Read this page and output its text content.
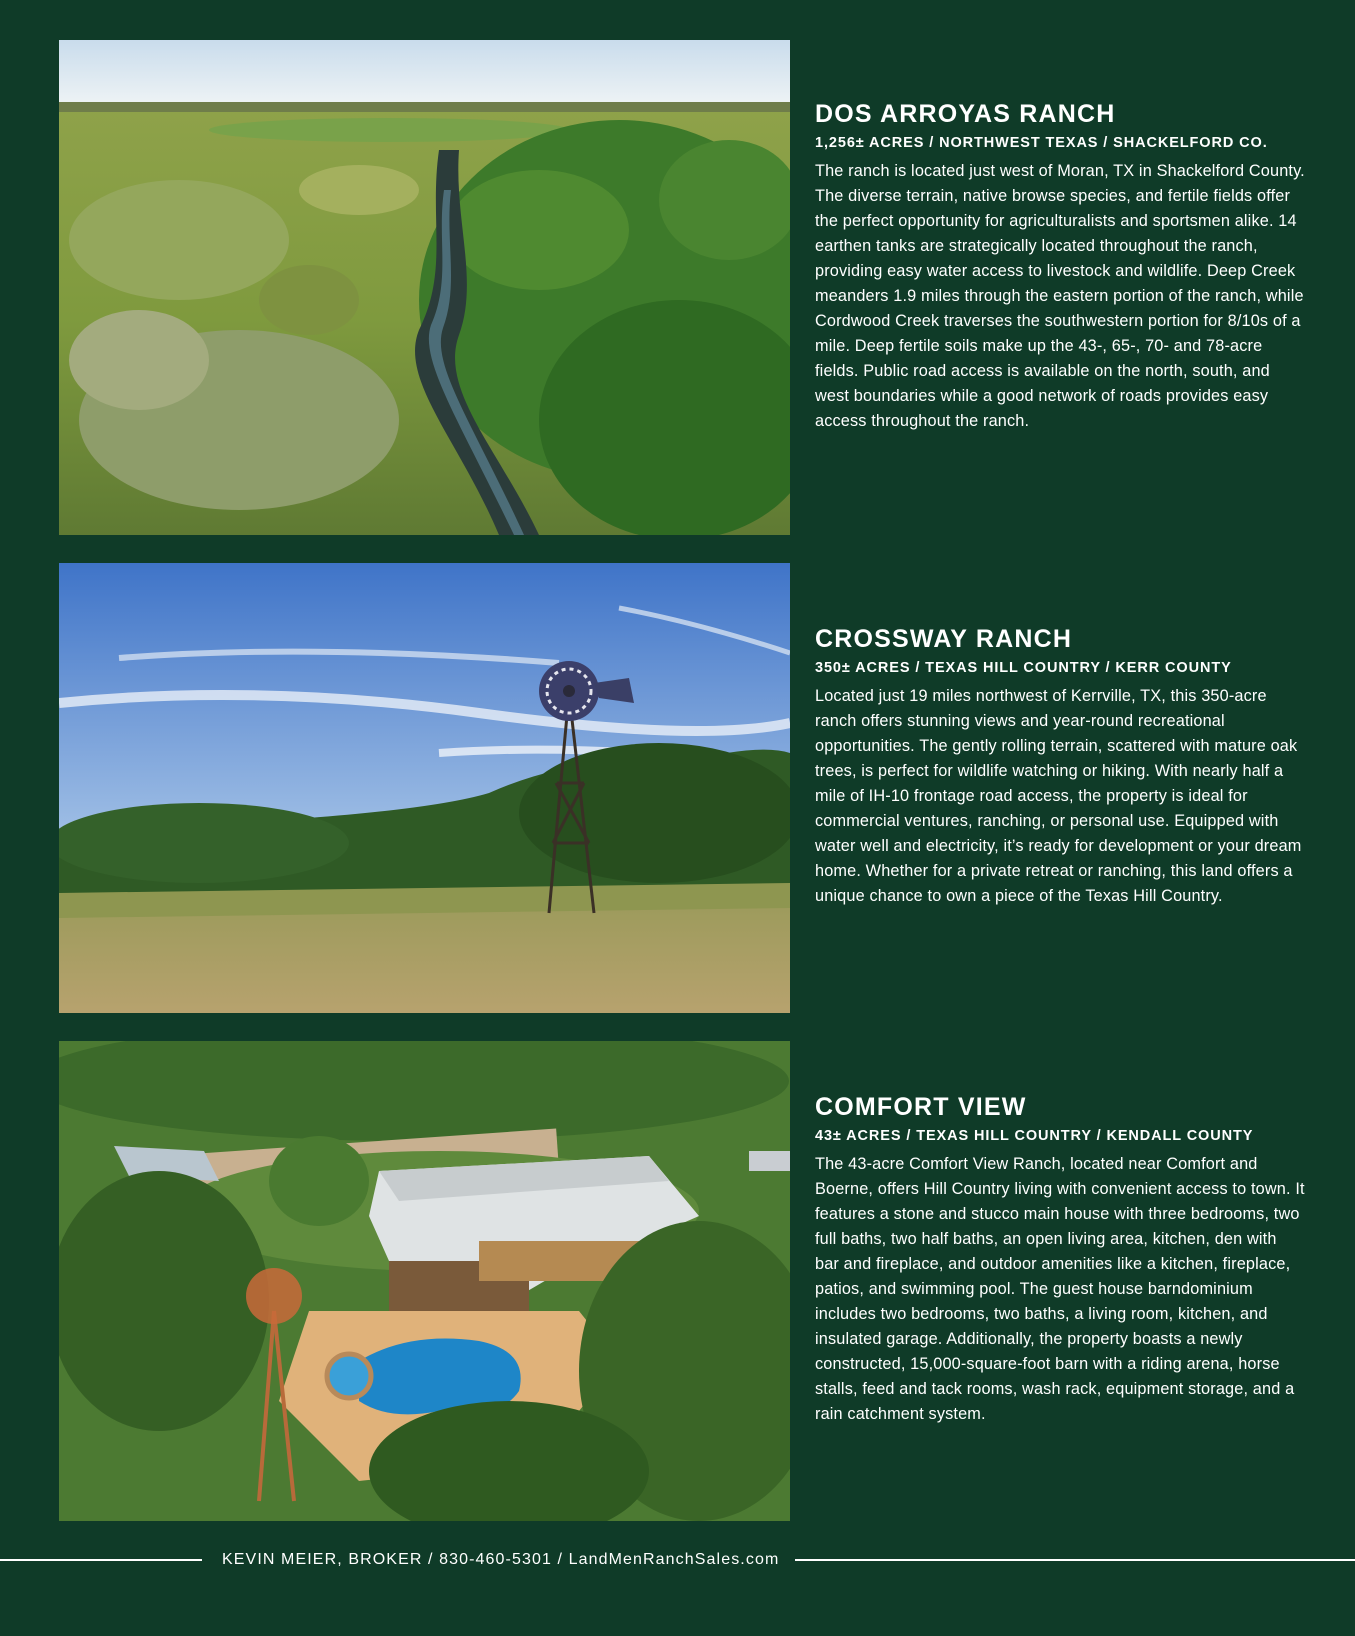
DOS ARROYAS RANCH
1,256± ACRES / NORTHWEST TEXAS / SHACKELFORD CO.

The ranch is located just west of Moran, TX in Shackelford County. The diverse terrain, native browse species, and fertile fields offer the perfect opportunity for agriculturalists and sportsmen alike. 14 earthen tanks are strategically located throughout the ranch, providing easy water access to livestock and wildlife. Deep Creek meanders 1.9 miles through the eastern portion of the ranch, while Cordwood Creek traverses the southwestern portion for 8/10s of a mile. Deep fertile soils make up the 43-, 65-, 70- and 78-acre fields. Public road access is available on the north, south, and west boundaries while a good network of roads provides easy access throughout the ranch.

CROSSWAY RANCH
350± ACRES / TEXAS HILL COUNTRY / KERR COUNTY

Located just 19 miles northwest of Kerrville, TX, this 350-acre ranch offers stunning views and year-round recreational opportunities. The gently rolling terrain, scattered with mature oak trees, is perfect for wildlife watching or hiking. With nearly half a mile of IH-10 frontage road access, the property is ideal for commercial ventures, ranching, or personal use. Equipped with water well and electricity, it’s ready for development or your dream home. Whether for a private retreat or ranching, this land offers a unique chance to own a piece of the Texas Hill Country.

COMFORT VIEW
43± ACRES / TEXAS HILL COUNTRY / KENDALL COUNTY

The 43-acre Comfort View Ranch, located near Comfort and Boerne, offers Hill Country living with convenient access to town. It features a stone and stucco main house with three bedrooms, two full baths, two half baths, an open living area, kitchen, den with bar and fireplace, and outdoor amenities like a kitchen, fireplace, patios, and swimming pool. The guest house barndominium includes two bedrooms, two baths, a living room, kitchen, and insulated garage. Additionally, the property boasts a newly constructed, 15,000-square-foot barn with a riding arena, horse stalls, feed and tack rooms, wash rack, equipment storage, and a rain catchment system.

KEVIN MEIER, BROKER / 830-460-5301 / LandMenRanchSales.com
